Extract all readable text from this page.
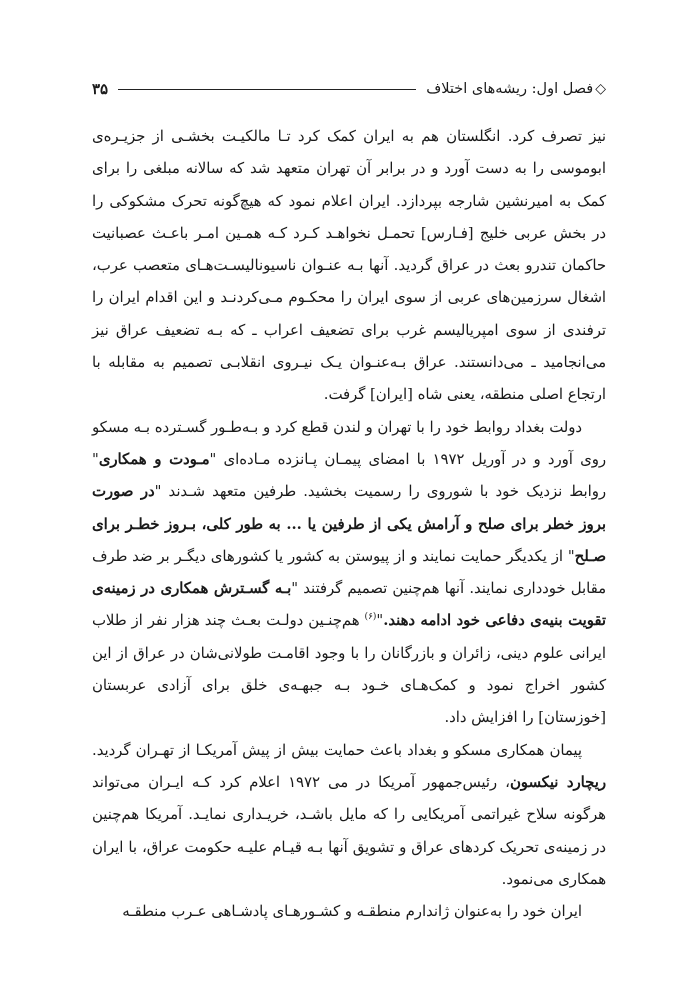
◇
فصل اول: ریشه‌های اختلاف
۳۵

نیز تصرف کرد. انگلستان هم به ایران کمک کرد تـا مالکیـت بخشـی از جزیـره‌ی ابوموسی را به دست آورد و در برابر آن تهران متعهد شد که سالانه مبلغی را برای کمک به امیرنشین شارجه بپردازد. ایران اعلام نمود که هیچ‌گونه تحرک مشکوکی را در بخش عربی خلیج [فـارس] تحمـل نخواهـد کـرد کـه همـین امـر باعـث عصبانیت حاکمان تندرو بعث در عراق گردید. آنها بـه عنـوان ناسیونالیسـت‌هـای متعصب عرب، اشغال سرزمین‌های عربی از سوی ایران را محکـوم مـی‌کردنـد و این اقدام ایران را ترفندی از سوی امپریالیسم غرب برای تضعیف اعراب ـ که بـه تضعیف عراق نیز می‌انجامید ـ می‌دانستند. عراق بـه‌عنـوان یـک نیـروی انقلابـی تصمیم به مقابله با ارتجاع اصلی منطقه، یعنی شاه [ایران] گرفت.

دولت بغداد روابط خود را با تهران و لندن قطع کرد و بـه‌طـور گسـترده بـه مسکو روی آورد و در آوریل ۱۹۷۲ با امضای پیمـان پـانزده مـاده‌ای "مـودت و همکاری" روابط نزدیک خود با شوروی را رسمیت بخشید. طرفین متعهد شـدند "در صورت بروز خطر برای صلح و آرامش یکی از طرفین یا ... به طور کلی، بـروز خطـر برای صـلح" از یکدیگر حمایت نمایند و از پیوستن به کشور یا کشورهای دیگـر بر ضد طرف مقابل خودداری نمایند. آنها هم‌چنین تصمیم گرفتند "بـه گسـترش همکاری در زمینه‌ی تقویت بنیه‌ی دفاعی خود ادامه دهند."$^{(۶)}$ هم‌چنـین دولـت بعـث چند هزار نفر از طلاب ایرانی علوم دینی، زائران و بازرگانان را با وجود اقامـت طولانی‌شان در عراق از این کشور اخراج نمود و کمک‌هـای خـود بـه جبهـه‌ی خلق برای آزادی عربستان [خوزستان] را افزایش داد.

پیمان همکاری مسکو و بغداد باعث حمایت بیش از پیش آمریکـا از تهـران گردید. ریچارد نیکسون، رئیس‌جمهور آمریکا در می ۱۹۷۲ اعلام کرد کـه ایـران می‌تواند هرگونه سلاح غیراتمی آمریکایی را که مایل باشـد، خریـداری نمایـد. آمریکا هم‌چنین در زمینه‌ی تحریک کردهای عراق و تشویق آنها بـه قیـام علیـه حکومت عراق، با ایران همکاری می‌نمود.

ایران خود را به‌عنوان ژاندارم منطقـه و کشـورهـای پادشـاهی عـرب منطقـه
